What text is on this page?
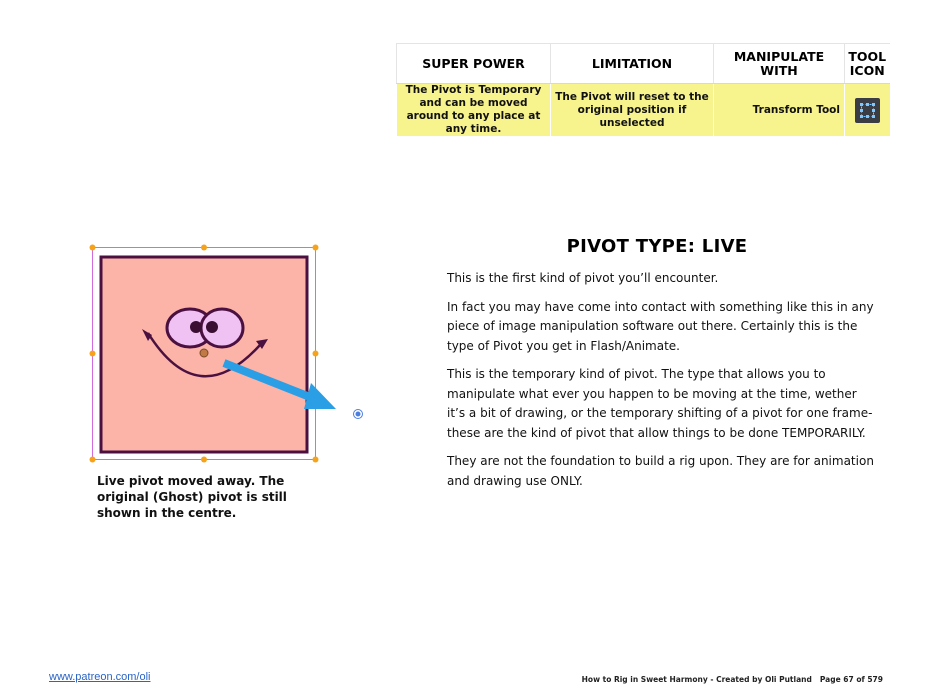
SUPER POWER	LIMITATION	MANIPULATE WITH	TOOL ICON
The Pivot is Temporary and can be moved around to any place at any time.	The Pivot will reset to the original position if unselected	Transform Tool	
Live pivot moved away. The original (Ghost) pivot is still shown in the centre.
PIVOT TYPE: LIVE

This is the first kind of pivot you’ll encounter.

In fact you may have come into contact with something like this in any piece of image manipulation software out there. Certainly this is the type of Pivot you get in Flash/Animate.

This is the temporary kind of pivot. The type that allows you to manipulate what ever you happen to be moving at the time, wether it’s a bit of drawing, or the temporary shifting of a pivot for one frame- these are the kind of pivot that allow things to be done TEMPORARILY.

They are not the foundation to build a rig upon. They are for animation and drawing use ONLY.

www.patreon.com/oli	How to Rig in Sweet Harmony - Created by Oli Putland Page 67 of 579
